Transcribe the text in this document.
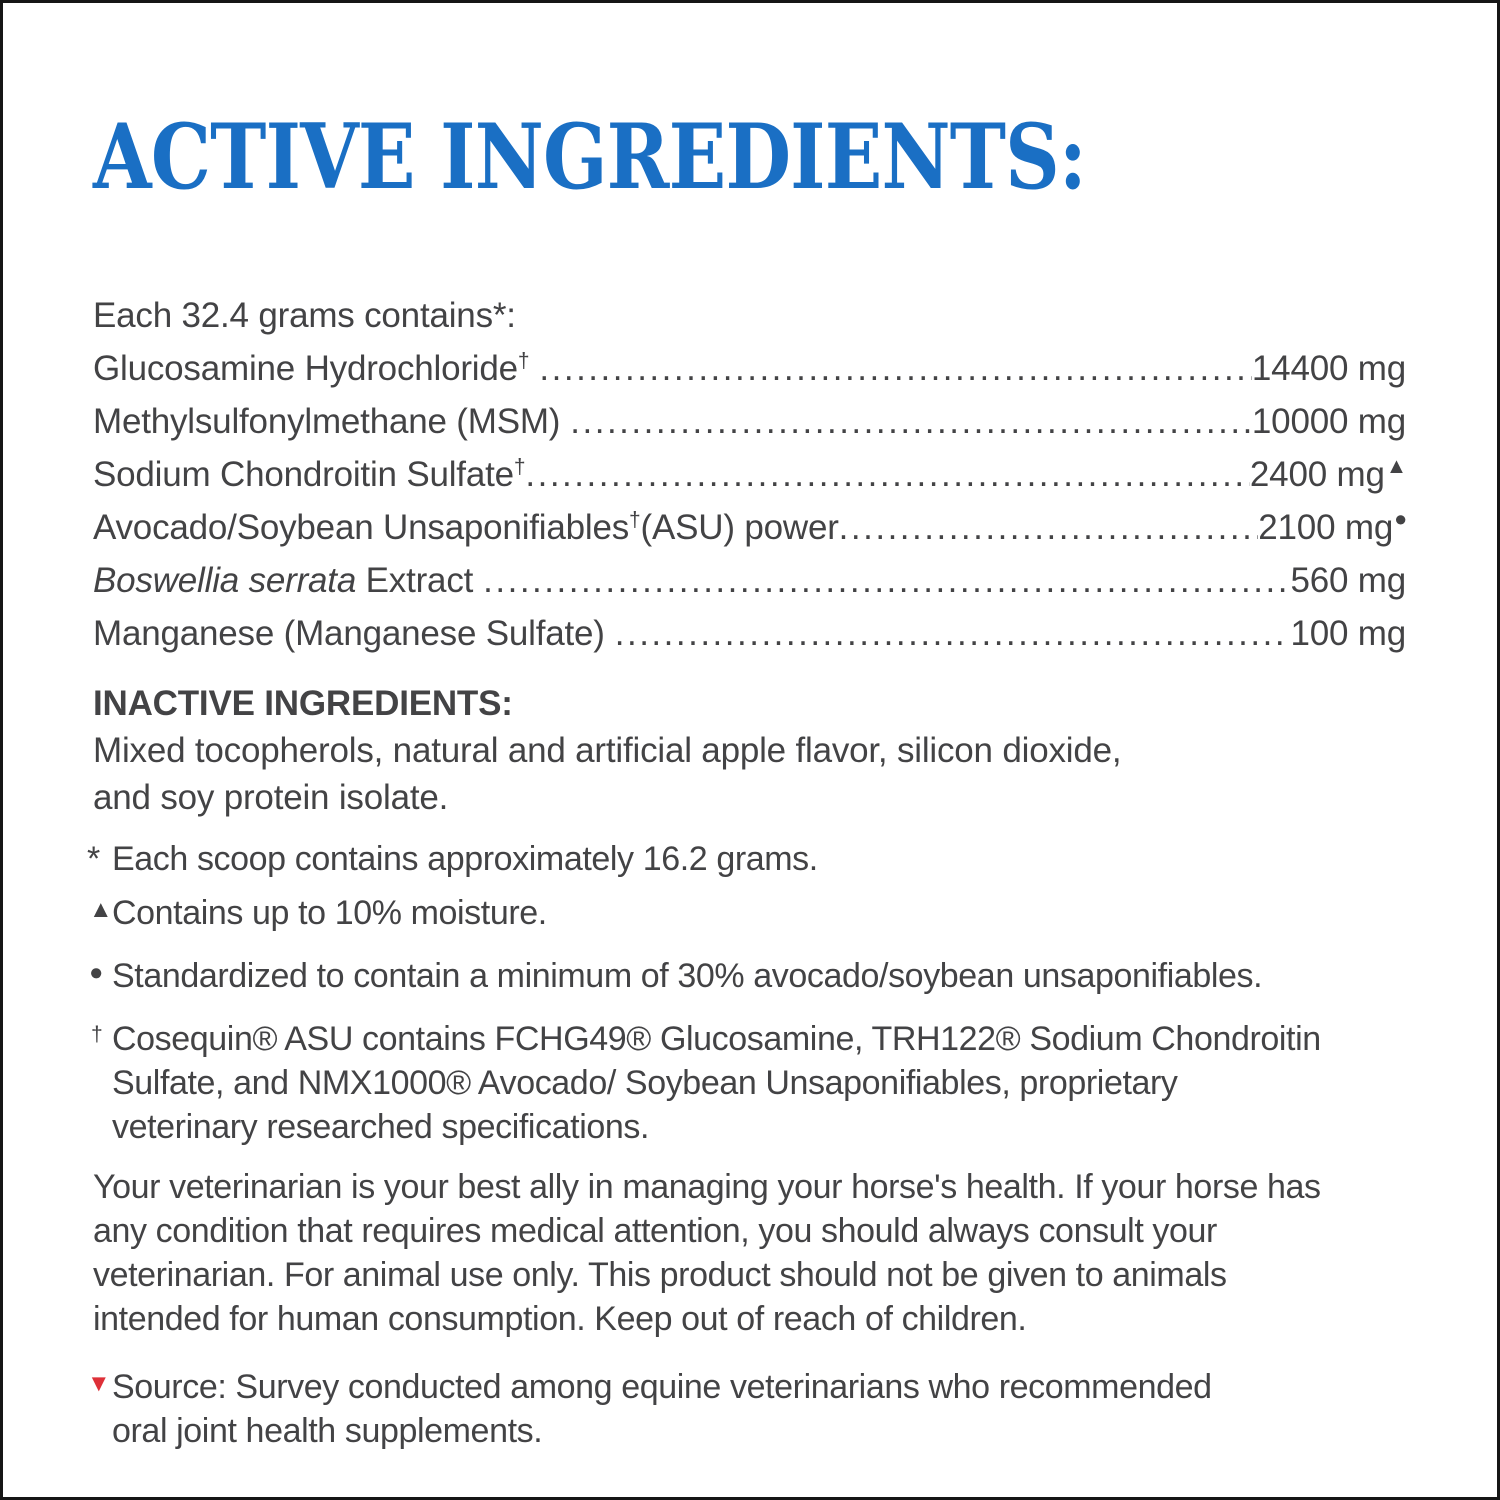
ACTIVE INGREDIENTS:
Each 32.4 grams contains*:
Glucosamine Hydrochloride† .....	14400 mg
Methylsulfonylmethane (MSM) .....	10000 mg
Sodium Chondroitin Sulfate† .....	2400 mg▲
Avocado/Soybean Unsaponifiables†(ASU) power .....	2100 mg●
Boswellia serrata Extract .....	560 mg
Manganese (Manganese Sulfate) .....	100 mg
INACTIVE INGREDIENTS:
Mixed tocopherols, natural and artificial apple flavor, silicon dioxide,
and soy protein isolate.
* Each scoop contains approximately 16.2 grams.
▲ Contains up to 10% moisture.
● Standardized to contain a minimum of 30% avocado/soybean unsaponifiables.
† Cosequin® ASU contains FCHG49® Glucosamine, TRH122® Sodium Chondroitin
Sulfate, and NMX1000® Avocado/ Soybean Unsaponifiables, proprietary
veterinary researched specifications.
Your veterinarian is your best ally in managing your horse's health. If your horse has
any condition that requires medical attention, you should always consult your
veterinarian. For animal use only. This product should not be given to animals
intended for human consumption. Keep out of reach of children.
▼ Source: Survey conducted among equine veterinarians who recommended
oral joint health supplements.
